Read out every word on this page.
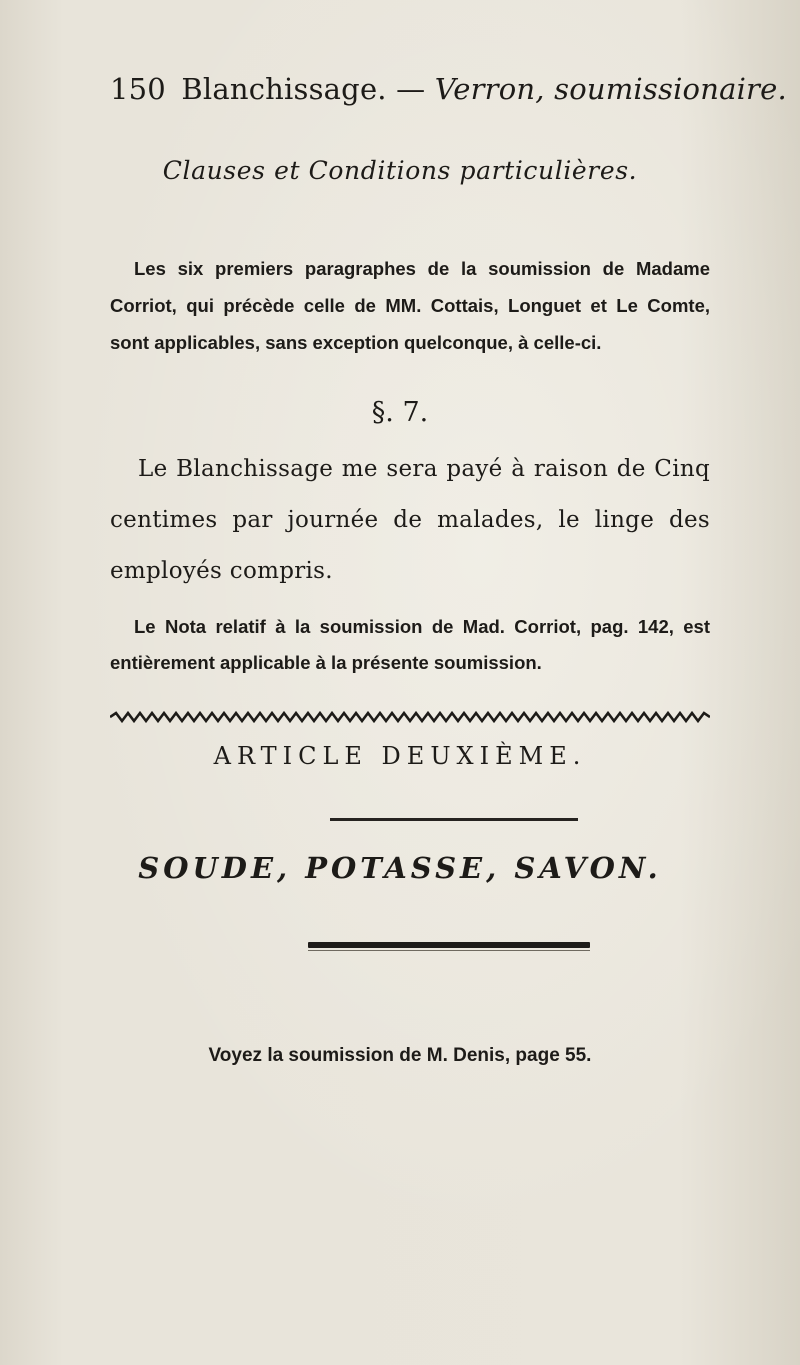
150 Blanchissage. — Verron, soumissionaire.
Clauses et Conditions particulières.
Les six premiers paragraphes de la soumission de Madame Corriot, qui précède celle de MM. Cottais, Longuet et Le Comte, sont applicables, sans exception quelconque, à celle-ci.
§. 7.
Le Blanchissage me sera payé à raison de Cinq centimes par journée de malades, le linge des employés compris.
Le Nota relatif à la soumission de Mad. Corriot, pag. 142, est entièrement applicable à la présente soumission.
ARTICLE DEUXIÈME.
SOUDE, POTASSE, SAVON.
Voyez la soumission de M. Denis, page 55.
